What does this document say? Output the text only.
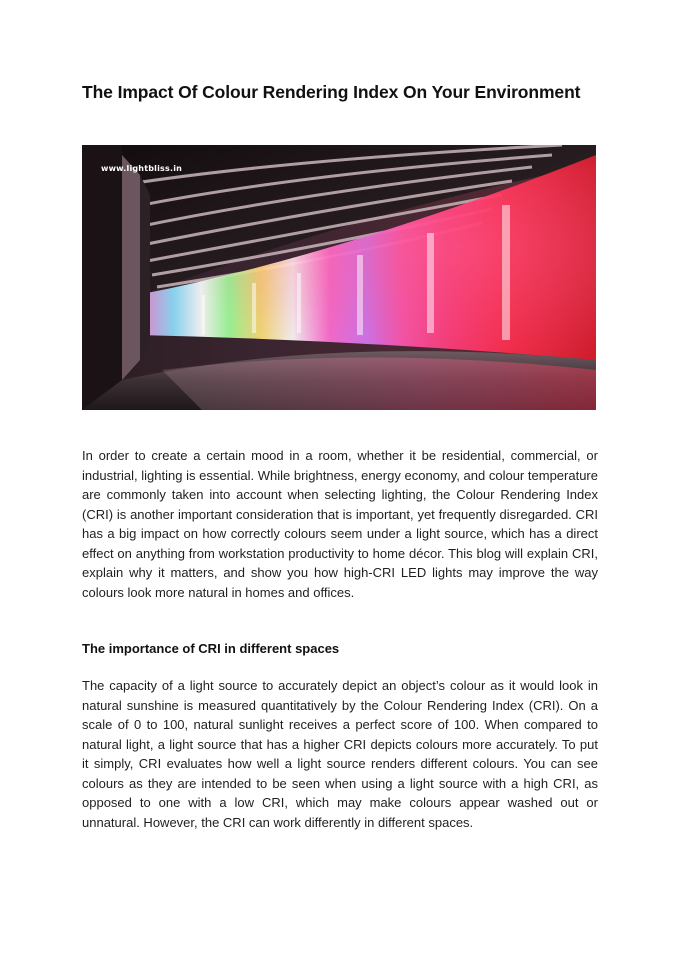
The Impact Of Colour Rendering Index On Your Environment
www.lightbliss.in

In order to create a certain mood in a room, whether it be residential, commercial, or industrial, lighting is essential. While brightness, energy economy, and colour temperature are commonly taken into account when selecting lighting, the Colour Rendering Index (CRI) is another important consideration that is important, yet frequently disregarded. CRI has a big impact on how correctly colours seem under a light source, which has a direct effect on anything from workstation productivity to home décor. This blog will explain CRI, explain why it matters, and show you how high-CRI LED lights may improve the way colours look more natural in homes and offices.

The importance of CRI in different spaces

The capacity of a light source to accurately depict an object’s colour as it would look in natural sunshine is measured quantitatively by the Colour Rendering Index (CRI). On a scale of 0 to 100, natural sunlight receives a perfect score of 100. When compared to natural light, a light source that has a higher CRI depicts colours more accurately. To put it simply, CRI evaluates how well a light source renders different colours. You can see colours as they are intended to be seen when using a light source with a high CRI, as opposed to one with a low CRI, which may make colours appear washed out or unnatural. However, the CRI can work differently in different spaces.
